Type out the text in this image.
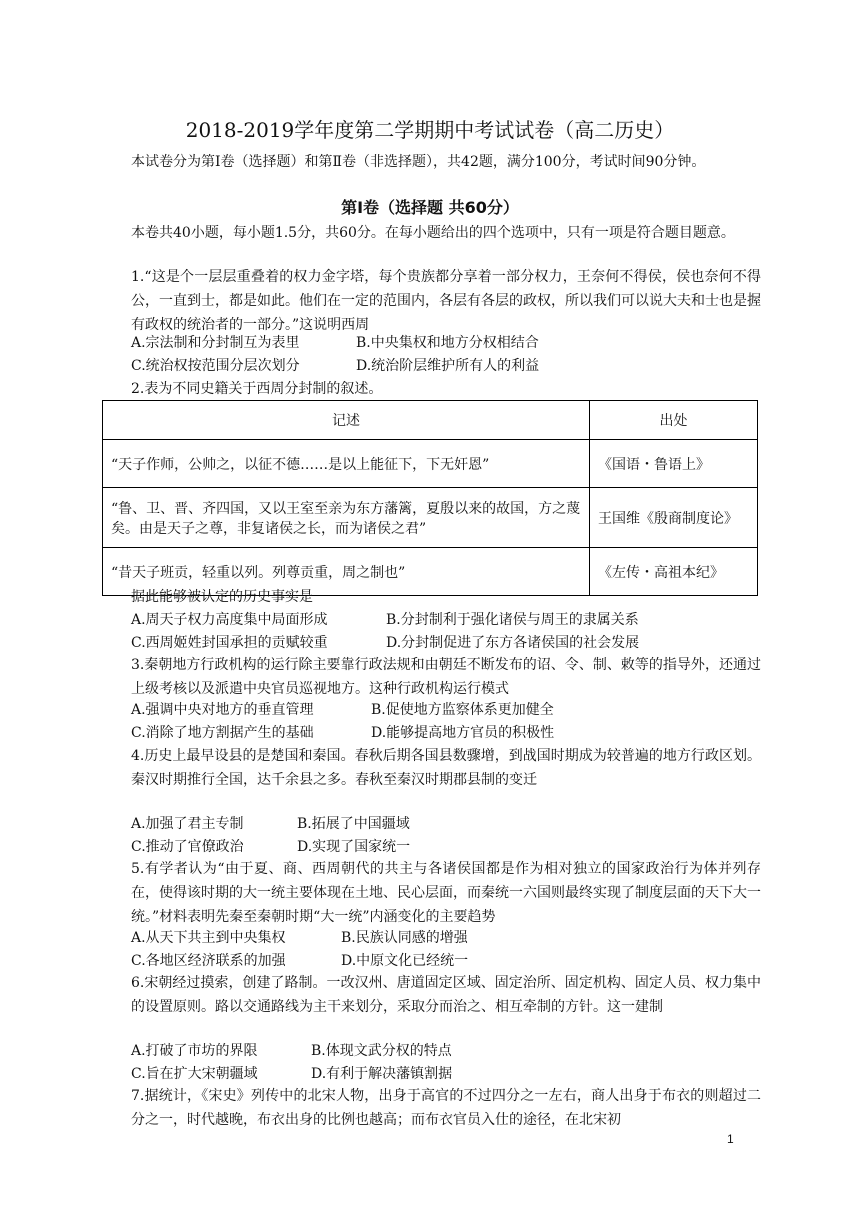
2018-2019学年度第二学期期中考试试卷（高二历史）
本试卷分为第Ⅰ卷（选择题）和第Ⅱ卷（非选择题），共42题，满分100分，考试时间90分钟。
第Ⅰ卷（选择题 共60分）
本卷共40小题，每小题1.5分，共60分。在每小题给出的四个选项中，只有一项是符合题目题意。
1.“这是个一层层重叠着的权力金字塔，每个贵族都分享着一部分权力，王奈何不得侯，侯也奈何不得公，一直到士，都是如此。他们在一定的范围内，各层有各层的政权，所以我们可以说大夫和士也是握有政权的统治者的一部分。”这说明西周
A.宗法制和分封制互为表里	B.中央集权和地方分权相结合
C.统治权按范围分层次划分	D.统治阶层维护所有人的利益
2.表为不同史籍关于西周分封制的叙述。
记述	出处
“天子作师，公帅之，以征不德……是以上能征下，下无奸恩”	《国语・鲁语上》
“鲁、卫、晋、齐四国，又以王室至亲为东方藩篱，夏殷以来的故国，方之蔑矣。由是天子之尊，非复诸侯之长，而为诸侯之君”	王国维《殷商制度论》
“昔天子班贡，轻重以列。列尊贡重，周之制也”	《左传・高祖本纪》
据此能够被认定的历史事实是
A.周天子权力高度集中局面形成	B.分封制利于强化诸侯与周王的隶属关系
C.西周姬姓封国承担的贡赋较重	D.分封制促进了东方各诸侯国的社会发展
3.秦朝地方行政机构的运行除主要靠行政法规和由朝廷不断发布的诏、令、制、敕等的指导外，还通过上级考核以及派遣中央官员巡视地方。这种行政机构运行模式
A.强调中央对地方的垂直管理	B.促使地方监察体系更加健全
C.消除了地方割据产生的基础	D.能够提高地方官员的积极性
4.历史上最早设县的是楚国和秦国。春秋后期各国县数骤增，到战国时期成为较普遍的地方行政区划。秦汉时期推行全国，达千余县之多。春秋至秦汉时期郡县制的变迁
A.加强了君主专制	B.拓展了中国疆域
C.推动了官僚政治	D.实现了国家统一
5.有学者认为“由于夏、商、西周朝代的共主与各诸侯国都是作为相对独立的国家政治行为体并列存在，使得该时期的大一统主要体现在土地、民心层面，而秦统一六国则最终实现了制度层面的天下大一统。”材料表明先秦至秦朝时期“大一统”内涵变化的主要趋势
A.从天下共主到中央集权	B.民族认同感的增强
C.各地区经济联系的加强	D.中原文化已经统一
6.宋朝经过摸索，创建了路制。一改汉州、唐道固定区域、固定治所、固定机构、固定人员、权力集中的设置原则。路以交通路线为主干来划分，采取分而治之、相互牵制的方针。这一建制
A.打破了市坊的界限	B.体现文武分权的特点
C.旨在扩大宋朝疆域	D.有利于解决藩镇割据
7.据统计，《宋史》列传中的北宋人物，出身于高官的不过四分之一左右，商人出身于布衣的则超过二分之一，时代越晚，布衣出身的比例也越高；而布衣官员入仕的途径，在北宋初
1
